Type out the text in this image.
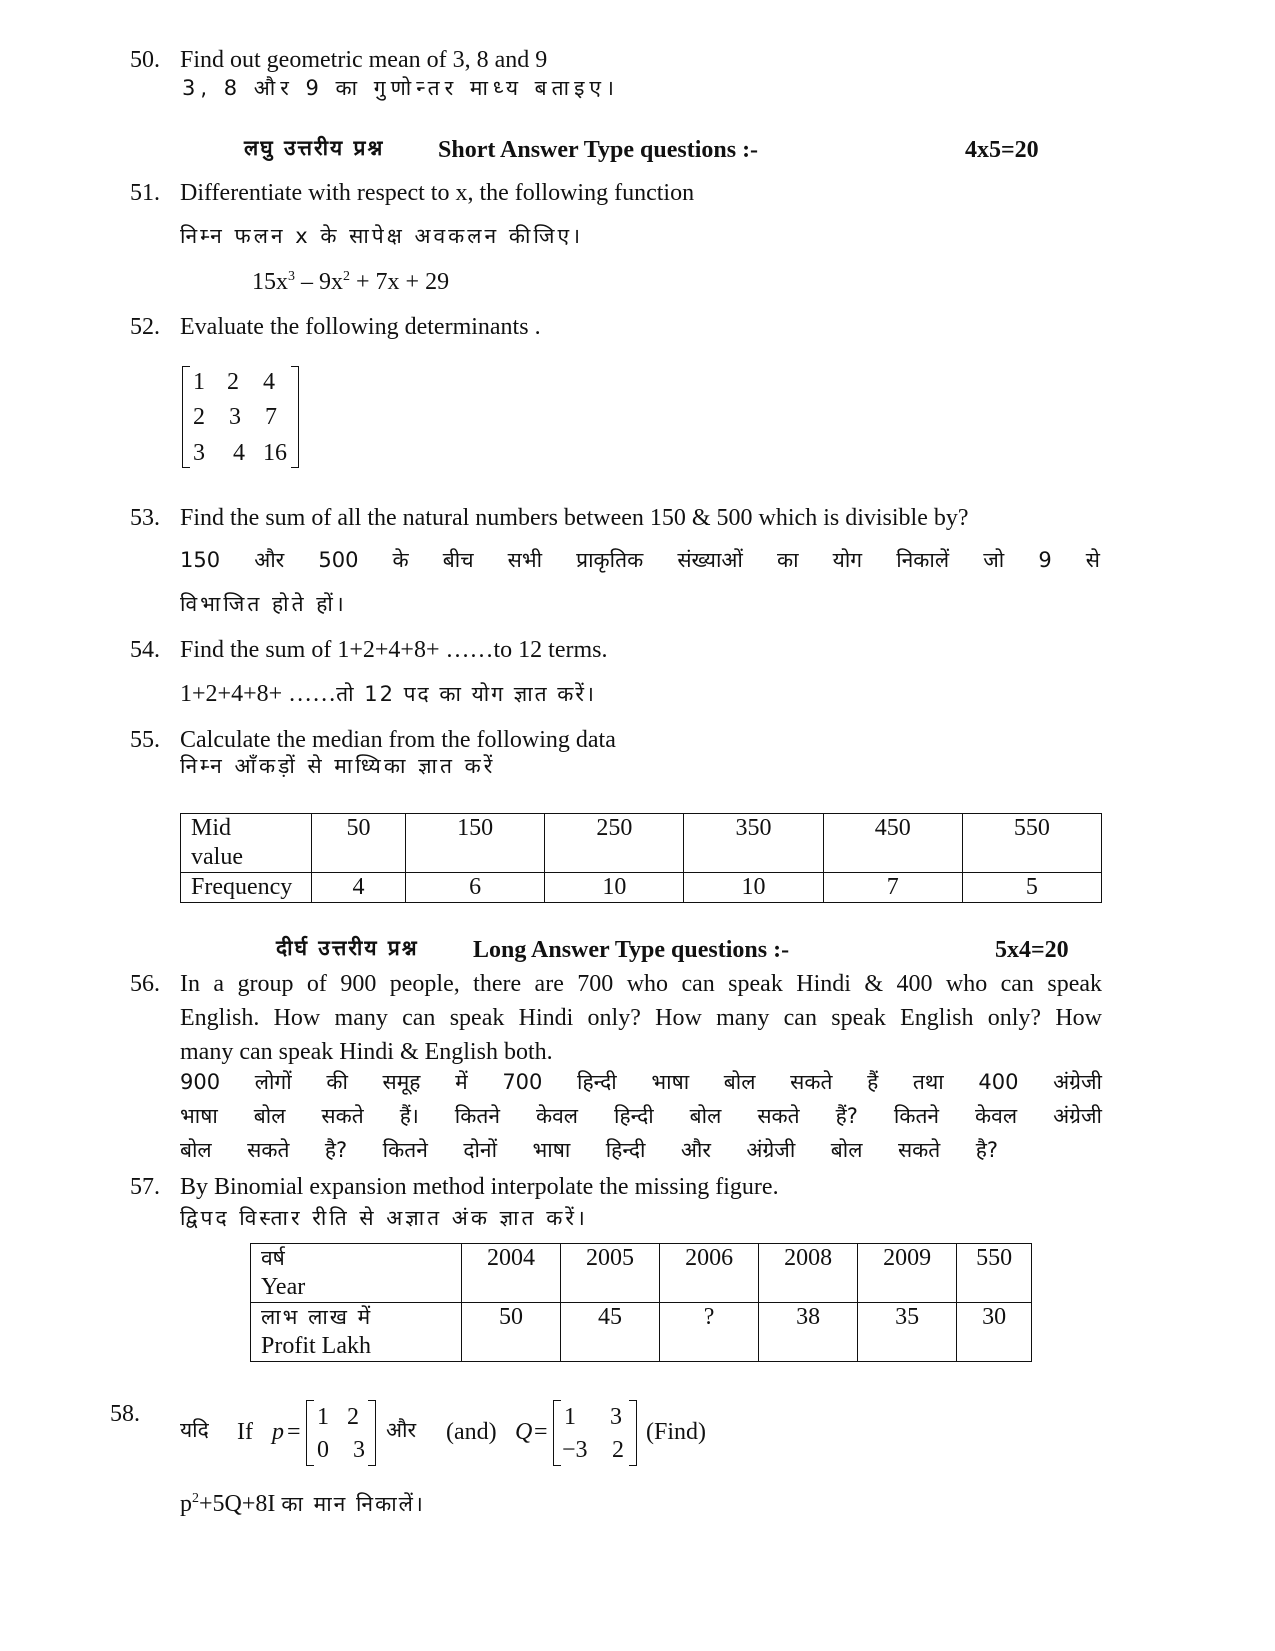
50. Find out geometric mean of 3, 8 and 9
3, 8 और 9 का गुणोन्तर माध्य बताइए।
लघु उत्तरीय प्रश्न Short Answer Type questions :-	4x5=20
51. Differentiate with respect to x, the following function
निम्न फलन x के सापेक्ष अवकलन कीजिए।
$15x^3 - 9x^2 + 7x + 29$
52. Evaluate the following determinants .
1 2 4
2 3 7
3 4 16
53. Find the sum of all the natural numbers between 150 & 500 which is divisible by?
150 और 500 के बीच सभी प्राकृतिक संख्याओं का योग निकालें जो 9 से
विभाजित होते हों।
54. Find the sum of 1+2+4+8+ ……to 12 terms.
1+2+4+8+ ……तो 12 पद का योग ज्ञात करें।
55. Calculate the median from the following data
निम्न आँकड़ों से माध्यिका ज्ञात करें
Mid
value	50	150	250	350	450	550
Frequency	4	6	10	10	7	5
दीर्घ उत्तरीय प्रश्न Long Answer Type questions :-	5x4=20
56. In a group of 900 people, there are 700 who can speak Hindi & 400 who can speak
English. How many can speak Hindi only? How many can speak English only? How
many can speak Hindi & English both.
900 लोगों की समूह में 700 हिन्दी भाषा बोल सकते हैं तथा 400 अंग्रेजी
भाषा बोल सकते हैं। कितने केवल हिन्दी बोल सकते हैं? कितने केवल अंग्रेजी
बोल सकते है? कितने दोनों भाषा हिन्दी और अंग्रेजी बोल सकते है?
57. By Binomial expansion method interpolate the missing figure.
द्विपद विस्तार रीति से अज्ञात अंक ज्ञात करें।
वर्ष
Year	2004	2005	2006	2008	2009	550
लाभ लाख में
Profit Lakh	50	45	?	38	35	30
58.
यदि If p =
1 2
0 3
और (and) Q =
1 3
−3 2
(Find)
$p^2+5Q+8I$ का मान निकालें।
